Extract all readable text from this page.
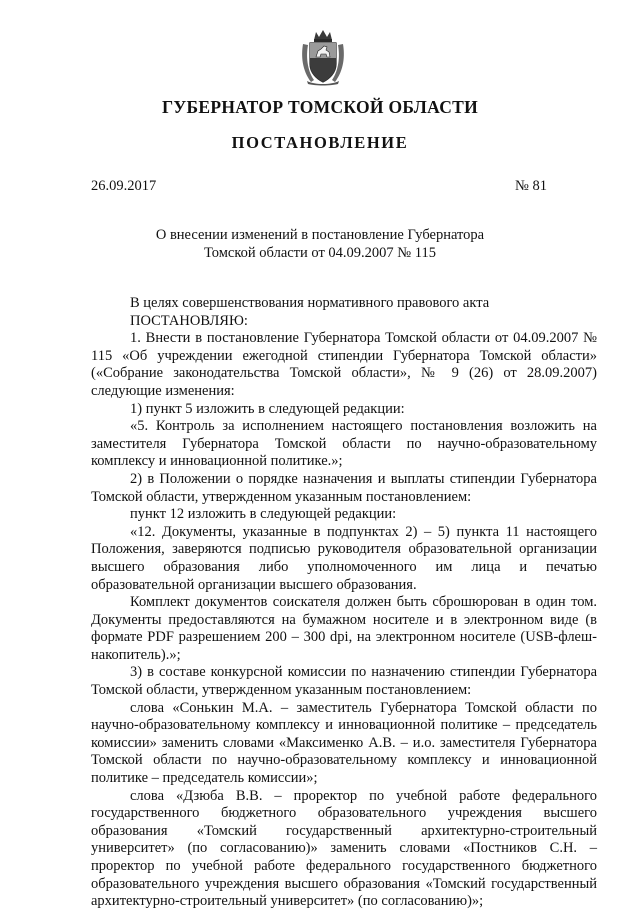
ГУБЕРНАТОР ТОМСКОЙ ОБЛАСТИ
ПОСТАНОВЛЕНИЕ
26.09.2017	№ 81
О внесении изменений в постановление Губернатора
Томской области от 04.09.2007 № 115

В целях совершенствования нормативного правового акта

ПОСТАНОВЛЯЮ:

1. Внести в постановление Губернатора Томской области от 04.09.2007 № 115 «Об учреждении ежегодной стипендии Губернатора Томской области» («Собрание законодательства Томской области», № 9 (26) от 28.09.2007) следующие изменения:

1) пункт 5 изложить в следующей редакции:

«5. Контроль за исполнением настоящего постановления возложить на заместителя Губернатора Томской области по научно-образовательному комплексу и инновационной политике.»;

2) в Положении о порядке назначения и выплаты стипендии Губернатора Томской области, утвержденном указанным постановлением:

пункт 12 изложить в следующей редакции:

«12. Документы, указанные в подпунктах 2) – 5) пункта 11 настоящего Положения, заверяются подписью руководителя образовательной организации высшего образования либо уполномоченного им лица и печатью образовательной организации высшего образования.

Комплект документов соискателя должен быть сброшюрован в один том. Документы предоставляются на бумажном носителе и в электронном виде (в формате PDF разрешением 200 – 300 dpi, на электронном носителе (USB-флеш-накопитель).»;

3) в составе конкурсной комиссии по назначению стипендии Губернатора Томской области, утвержденном указанным постановлением:

слова «Сонькин М.А. – заместитель Губернатора Томской области по научно-образовательному комплексу и инновационной политике – председатель комиссии» заменить словами «Максименко А.В. – и.о. заместителя Губернатора Томской области по научно-образовательному комплексу и инновационной политике – председатель комиссии»;

слова «Дзюба В.В. – проректор по учебной работе федерального государственного бюджетного образовательного учреждения высшего образования «Томский государственный архитектурно-строительный университет» (по согласованию)» заменить словами «Постников С.Н. – проректор по учебной работе федерального государственного бюджетного образовательного учреждения высшего образования «Томский государственный архитектурно-строительный университет» (по согласованию)»;
